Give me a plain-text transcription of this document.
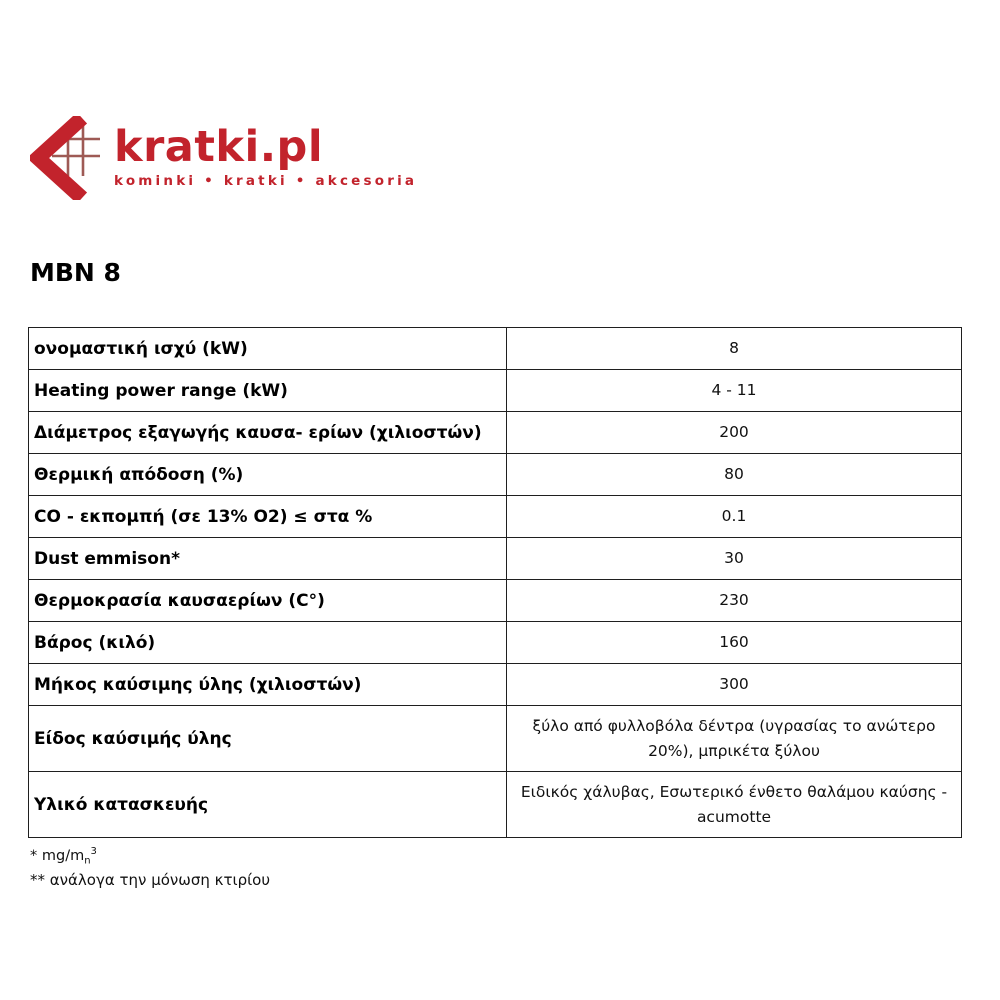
kratki.pl
kominki • kratki • akcesoria
MBN 8
ονομαστική ισχύ (kW)	8
Heating power range (kW)	4 - 11
Διάμετρος εξαγωγής καυσα- ερίων (χιλιοστών)	200
Θερμική απόδοση (%)	80
CO - εκπομπή (σε 13% O2) ≤ στα %	0.1
Dust emmison*	30
Θερμοκρασία καυσαερίων (C°)	230
Βάρος (κιλό)	160
Μήκος καύσιμης ύλης (χιλιοστών)	300
Είδος καύσιμής ύλης	ξύλο από φυλλοβόλα δέντρα (υγρασίας το ανώτερο 20%), μπρικέτα ξύλου
Υλικό κατασκευής	Ειδικός χάλυβας, Εσωτερικό ένθετο θαλάμου καύσης - acumotte
* $mg/m_n^3$
** ανάλογα την μόνωση κτιρίου
